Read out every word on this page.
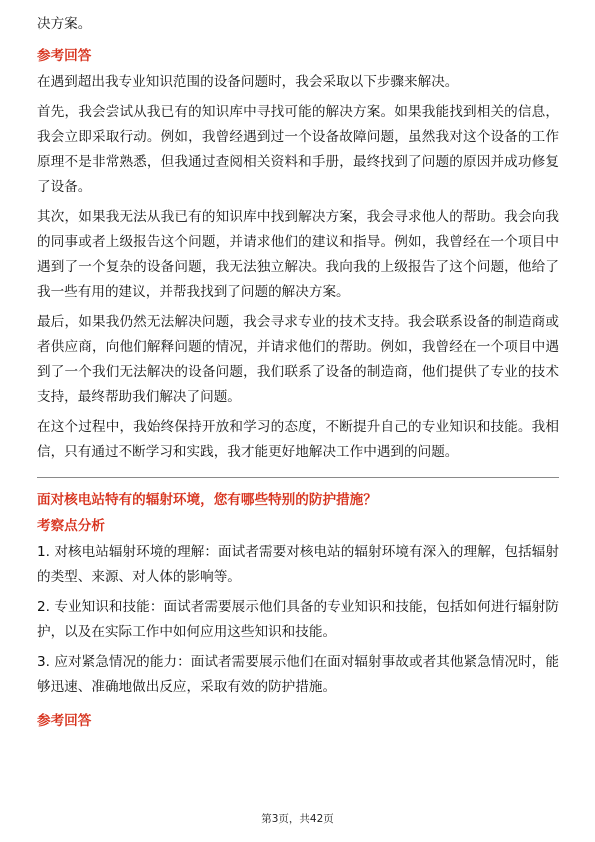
决方案。

参考回答

在遇到超出我专业知识范围的设备问题时，我会采取以下步骤来解决。

首先，我会尝试从我已有的知识库中寻找可能的解决方案。如果我能找到相关的信息，我会立即采取行动。例如，我曾经遇到过一个设备故障问题，虽然我对这个设备的工作原理不是非常熟悉，但我通过查阅相关资料和手册，最终找到了问题的原因并成功修复了设备。

其次，如果我无法从我已有的知识库中找到解决方案，我会寻求他人的帮助。我会向我的同事或者上级报告这个问题，并请求他们的建议和指导。例如，我曾经在一个项目中遇到了一个复杂的设备问题，我无法独立解决。我向我的上级报告了这个问题，他给了我一些有用的建议，并帮我找到了问题的解决方案。

最后，如果我仍然无法解决问题，我会寻求专业的技术支持。我会联系设备的制造商或者供应商，向他们解释问题的情况，并请求他们的帮助。例如，我曾经在一个项目中遇到了一个我们无法解决的设备问题，我们联系了设备的制造商，他们提供了专业的技术支持，最终帮助我们解决了问题。

在这个过程中，我始终保持开放和学习的态度，不断提升自己的专业知识和技能。我相信，只有通过不断学习和实践，我才能更好地解决工作中遇到的问题。

面对核电站特有的辐射环境，您有哪些特别的防护措施？

考察点分析

1. 对核电站辐射环境的理解：面试者需要对核电站的辐射环境有深入的理解，包括辐射的类型、来源、对人体的影响等。

2. 专业知识和技能：面试者需要展示他们具备的专业知识和技能，包括如何进行辐射防护，以及在实际工作中如何应用这些知识和技能。

3. 应对紧急情况的能力：面试者需要展示他们在面对辐射事故或者其他紧急情况时，能够迅速、准确地做出反应，采取有效的防护措施。

参考回答

第3页，共42页
